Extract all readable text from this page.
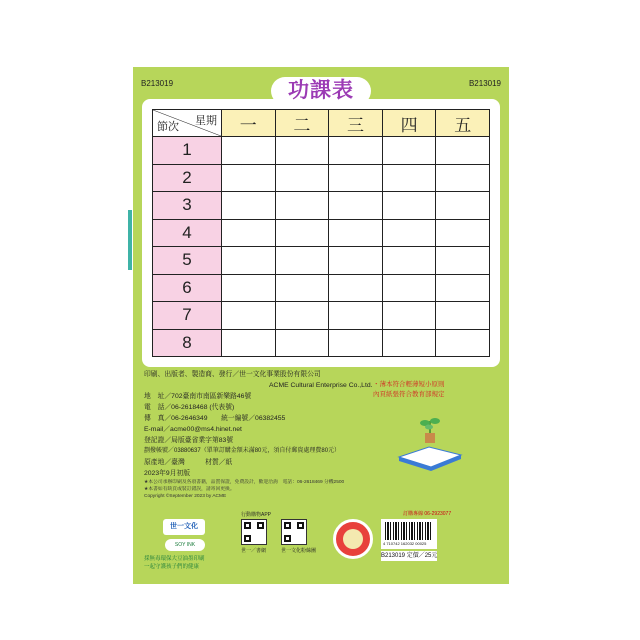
B213019	B213019
星期
節次	一	二	三	四	五
1					
2					
3					
4					
5					
6					
7					
8					
功課表
印刷、出版者、製造商、發行／世一文化事業股份有限公司
ACME Cultural Enterprise Co.,Ltd.
地　址／702臺南市南區新樂路46號
電　話／06-2618468 (代表號)
傳　真／06-2646349　　統一編號／06382455
E-mail／acme00@ms4.hinet.net
登記證／局版臺省業字第83號
劃撥帳號／03880637（單筆訂購金額未滿80元，須自付郵資處理費80元）
原產地／臺灣　　　材質／紙
2023年9月初版
★本公司承辦印刷及各項書籍，品質保證，免費設計，歡迎洽詢　電話：06-2618469 分機2500
★本書如有缺頁或裝訂錯誤，請寄回更換。
Copyright ©September 2023 by ACME
・薄本符合輕薄短小原則
內頁紙張符合教育部規定
世一文化
SOY INK
採無毒環保大豆油墨印刷
一起守護孩子們的健康
行動購物APP
世一／書網	世一文化粉絲團
訂購專線 06-2923077
4 710742 162032 00025
B213019 定價／25元
